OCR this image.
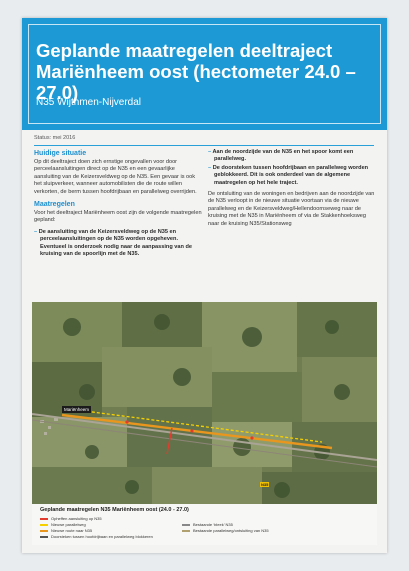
Geplande maatregelen deeltraject
Mariënheem oost (hectometer 24.0 – 27.0)
N35 Wijthmen-Nijverdal
Status: mei 2016
Huidige situatie

Op dit deeltraject doen zich ernstige ongevallen voor door perceelaansluitingen direct op de N35 en een gevaarlijke aansluiting van de Keizersveldweg op de N35. Een gevaar is ook het sluipverkeer, wanneer automobilisten die de route willen verkorten, de berm tussen hoofdrijbaan en parallelweg overrijden.

Maatregelen

Voor het deeltraject Mariënheem oost zijn de volgende maatregelen gepland:

– De aansluiting van de Keizersveldweg op de N35 en perceelaansluitingen op de N35 worden opgeheven. Eventueel is onderzoek nodig naar de aanpassing van de kruising van de spoorlijn met de N35.
– Aan de noordzijde van de N35 en het spoor komt een parallelweg.
– De doorsteken tussen hoofdrijbaan en parallelweg worden geblokkeerd. Dit is ook onderdeel van de algemene maatregelen op het hele traject.

De ontsluiting van de woningen en bedrijven aan de noordzijde van de N35 verloopt in de nieuwe situatie voortaan via de nieuwe parallelweg en de Keizersveldweg/Hellendoornseweg naar de kruising met de N35 in Mariënheem of via de Stakkenhoeksweg naar de kruising N35/Stationsweg

Mariënheem
N35
Geplande maatregelen N35 Mariënheem oost (24.0 - 27.0)
Opheffen aansluiting op N35
Nieuwe parallelweg
Nieuwe route naar N35
Doorsteken tussen hoofdrijbaan en parallelweg blokkeren
Bestaande ‘bleek’ N35
Bestaande parallelweg/ontsluiting van N35
